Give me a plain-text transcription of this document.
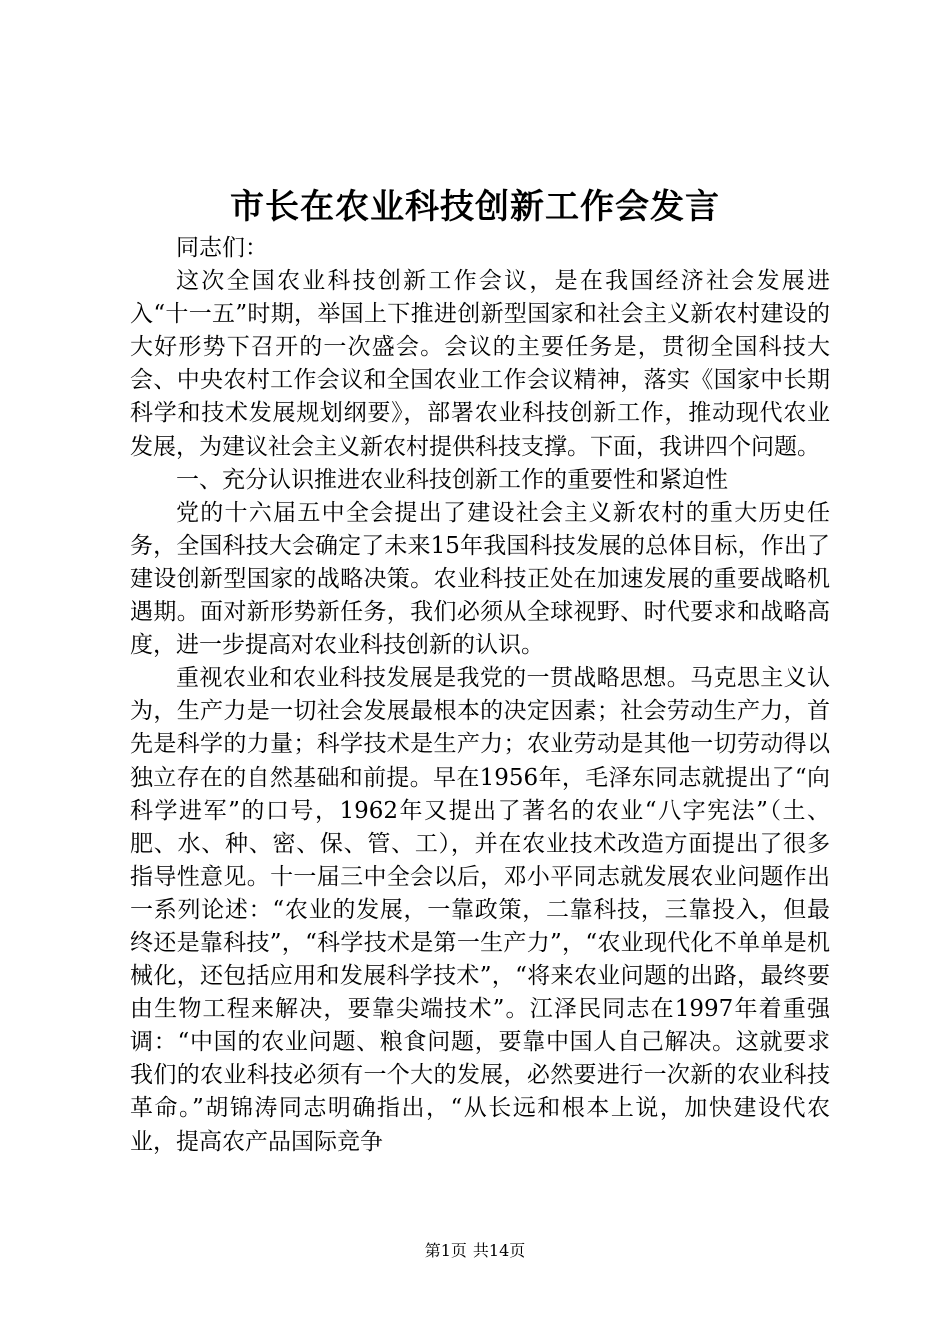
市长在农业科技创新工作会发言

同志们：

这次全国农业科技创新工作会议，是在我国经济社会发展进入“十一五”时期，举国上下推进创新型国家和社会主义新农村建设的大好形势下召开的一次盛会。会议的主要任务是，贯彻全国科技大会、中央农村工作会议和全国农业工作会议精神，落实《国家中长期科学和技术发展规划纲要》，部署农业科技创新工作，推动现代农业发展，为建议社会主义新农村提供科技支撑。下面，我讲四个问题。

一、充分认识推进农业科技创新工作的重要性和紧迫性

党的十六届五中全会提出了建设社会主义新农村的重大历史任务，全国科技大会确定了未来15年我国科技发展的总体目标，作出了建设创新型国家的战略决策。农业科技正处在加速发展的重要战略机遇期。面对新形势新任务，我们必须从全球视野、时代要求和战略高度，进一步提高对农业科技创新的认识。

重视农业和农业科技发展是我党的一贯战略思想。马克思主义认为，生产力是一切社会发展最根本的决定因素；社会劳动生产力，首先是科学的力量；科学技术是生产力；农业劳动是其他一切劳动得以独立存在的自然基础和前提。早在1956年，毛泽东同志就提出了“向科学进军”的口号，1962年又提出了著名的农业“八字宪法”（土、肥、水、种、密、保、管、工），并在农业技术改造方面提出了很多指导性意见。十一届三中全会以后，邓小平同志就发展农业问题作出一系列论述：“农业的发展，一靠政策，二靠科技，三靠投入，但最终还是靠科技”，“科学技术是第一生产力”，“农业现代化不单单是机械化，还包括应用和发展科学技术”，“将来农业问题的出路，最终要由生物工程来解决，要靠尖端技术”。江泽民同志在1997年着重强调：“中国的农业问题、粮食问题，要靠中国人自己解决。这就要求我们的农业科技必须有一个大的发展，必然要进行一次新的农业科技革命。”胡锦涛同志明确指出，“从长远和根本上说，加快建设代农业，提高农产品国际竞争

第1页 共14页
